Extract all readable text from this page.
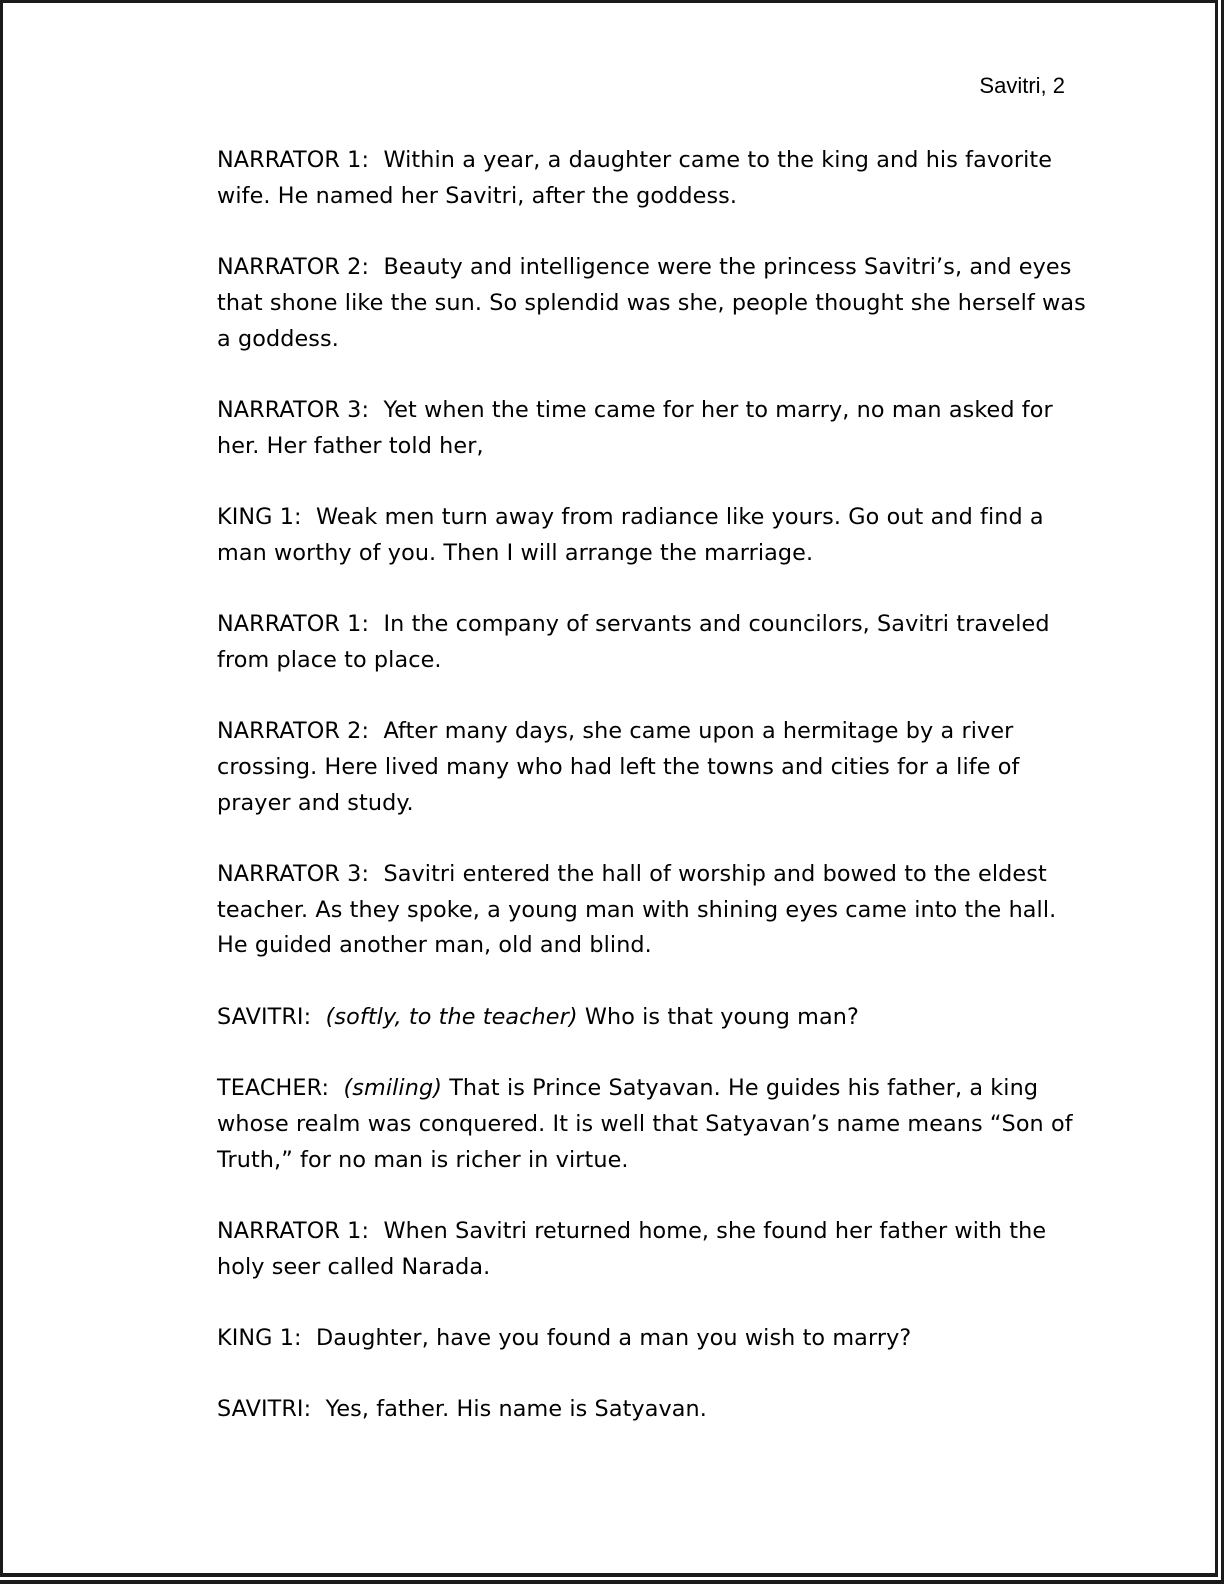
Savitri, 2

NARRATOR 1:  Within a year, a daughter came to the king and his favorite wife. He named her Savitri, after the goddess.

NARRATOR 2:  Beauty and intelligence were the princess Savitri’s, and eyes that shone like the sun. So splendid was she, people thought she herself was a goddess.

NARRATOR 3:  Yet when the time came for her to marry, no man asked for her. Her father told her,

KING 1:  Weak men turn away from radiance like yours. Go out and find a man worthy of you. Then I will arrange the marriage.

NARRATOR 1:  In the company of servants and councilors, Savitri traveled from place to place.

NARRATOR 2:  After many days, she came upon a hermitage by a river crossing. Here lived many who had left the towns and cities for a life of prayer and study.

NARRATOR 3:  Savitri entered the hall of worship and bowed to the eldest teacher. As they spoke, a young man with shining eyes came into the hall. He guided another man, old and blind.

SAVITRI:  (softly, to the teacher) Who is that young man?

TEACHER:  (smiling) That is Prince Satyavan. He guides his father, a king whose realm was conquered. It is well that Satyavan’s name means “Son of Truth,” for no man is richer in virtue.

NARRATOR 1:  When Savitri returned home, she found her father with the holy seer called Narada.

KING 1:  Daughter, have you found a man you wish to marry?

SAVITRI:  Yes, father. His name is Satyavan.
